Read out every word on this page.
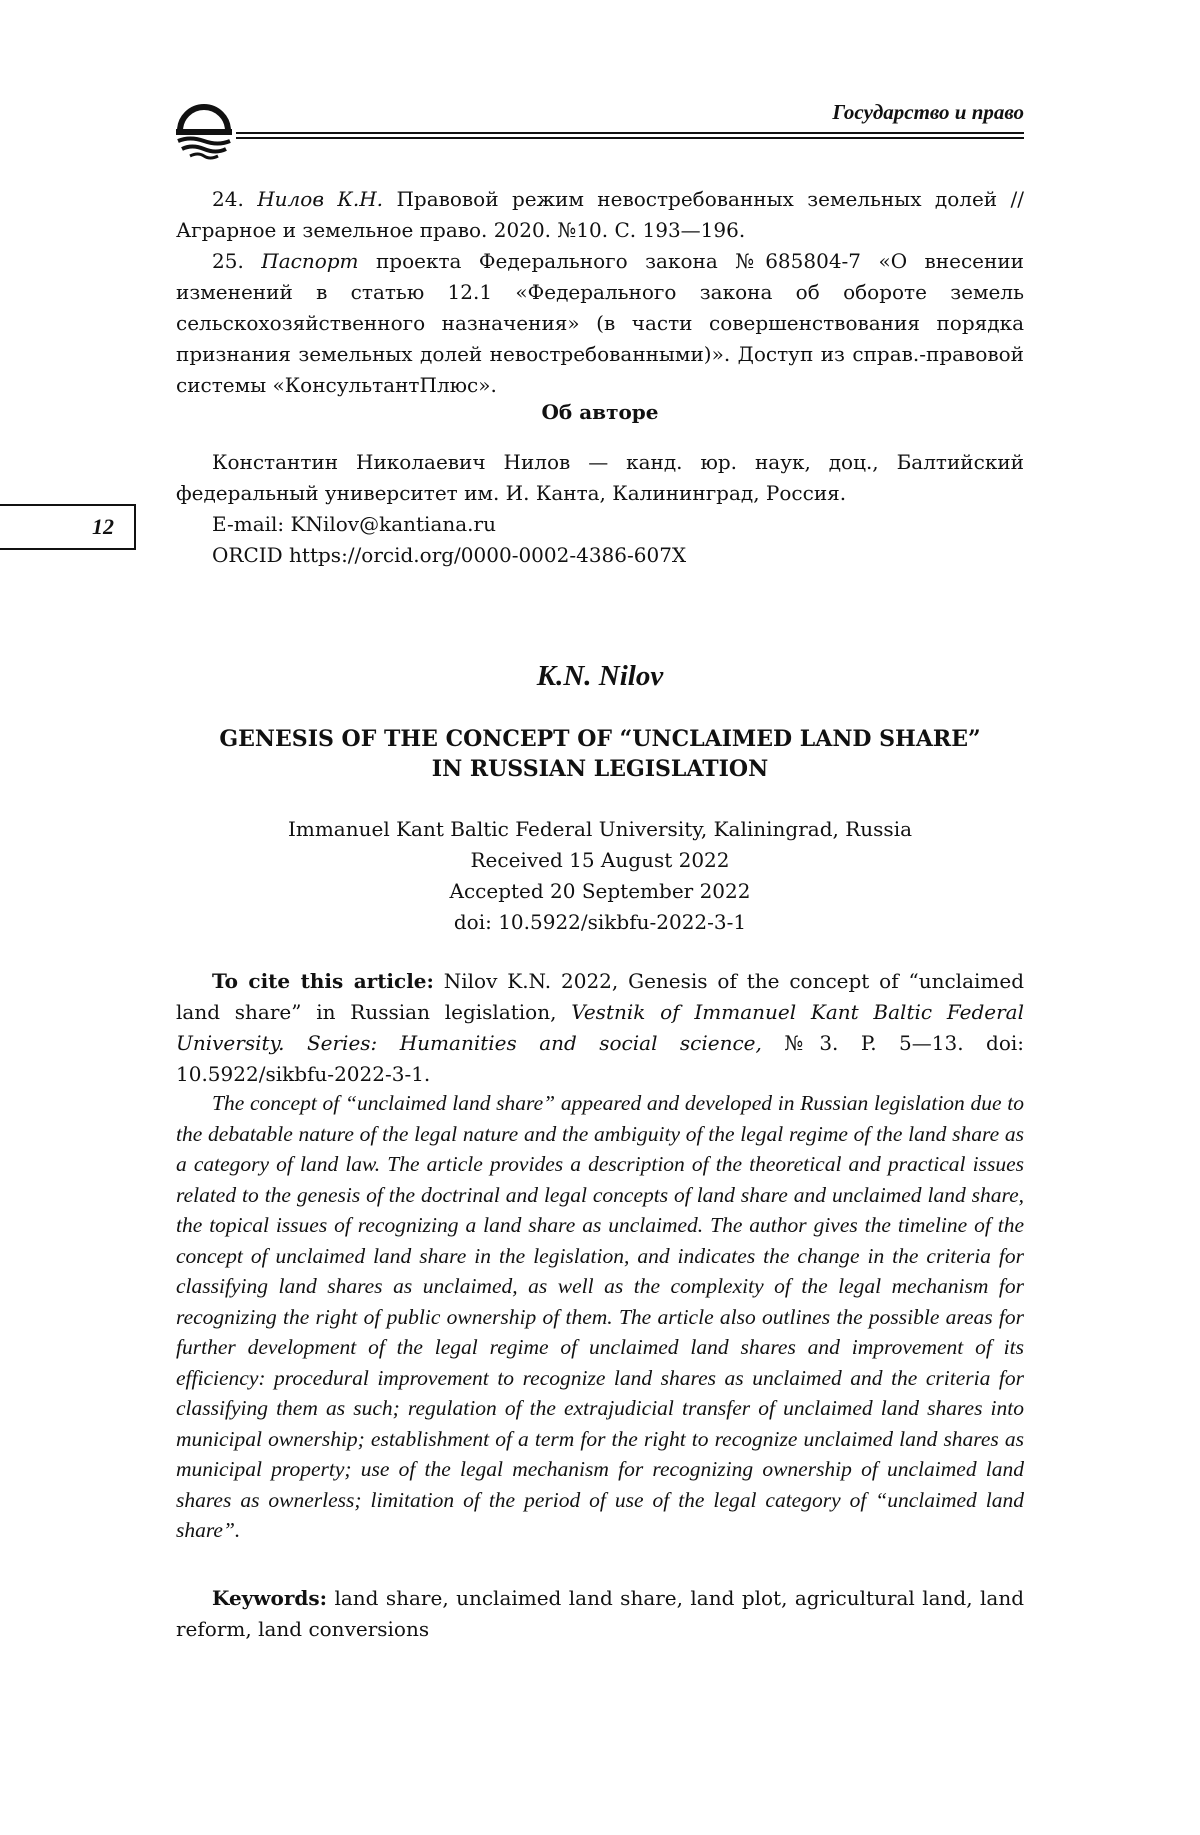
Государство и право
12

24. Нилов К.Н. Правовой режим невостребованных земельных долей // Аграрное и земельное право. 2020. №10. С. 193—196.

25. Паспорт проекта Федерального закона №685804-7 «О внесении изменений в статью 12.1 «Федерального закона об обороте земель сельскохозяйственного назначения» (в части совершенствования порядка признания земельных долей невостребованными)». Доступ из справ.-правовой системы «КонсультантПлюс».

Об авторе

Константин Николаевич Нилов — канд. юр. наук, доц., Балтийский федеральный университет им. И. Канта, Калининград, Россия.

E-mail: KNilov@kantiana.ru

ORCID https://orcid.org/0000-0002-4386-607X

K.N. Nilov
GENESIS OF THE CONCEPT OF “UNCLAIMED LAND SHARE”
IN RUSSIAN LEGISLATION
Immanuel Kant Baltic Federal University, Kaliningrad, Russia
Received 15 August 2022
Accepted 20 September 2022
doi: 10.5922/sikbfu-2022-3-1

To cite this article: Nilov K.N. 2022, Genesis of the concept of “unclaimed land share” in Russian legislation, Vestnik of Immanuel Kant Baltic Federal University. Series: Humanities and social science, №3. P. 5—13. doi: 10.5922/sikbfu-2022-3-1.

The concept of “unclaimed land share” appeared and developed in Russian legislation due to the debatable nature of the legal nature and the ambiguity of the legal regime of the land share as a category of land law. The article provides a description of the theoretical and practical issues related to the genesis of the doctrinal and legal concepts of land share and unclaimed land share, the topical issues of recognizing a land share as unclaimed. The author gives the timeline of the concept of unclaimed land share in the legislation, and indicates the change in the criteria for classifying land shares as unclaimed, as well as the complexity of the legal mechanism for recognizing the right of public ownership of them. The article also outlines the possible areas for further development of the legal regime of unclaimed land shares and improvement of its efficiency: procedural improvement to recognize land shares as unclaimed and the criteria for classifying them as such; regulation of the extrajudicial transfer of unclaimed land shares into municipal ownership; establishment of a term for the right to recognize unclaimed land shares as municipal property; use of the legal mechanism for recognizing ownership of unclaimed land shares as ownerless; limitation of the period of use of the legal category of “unclaimed land share”.

Keywords: land share, unclaimed land share, land plot, agricultural land, land reform, land conversions
